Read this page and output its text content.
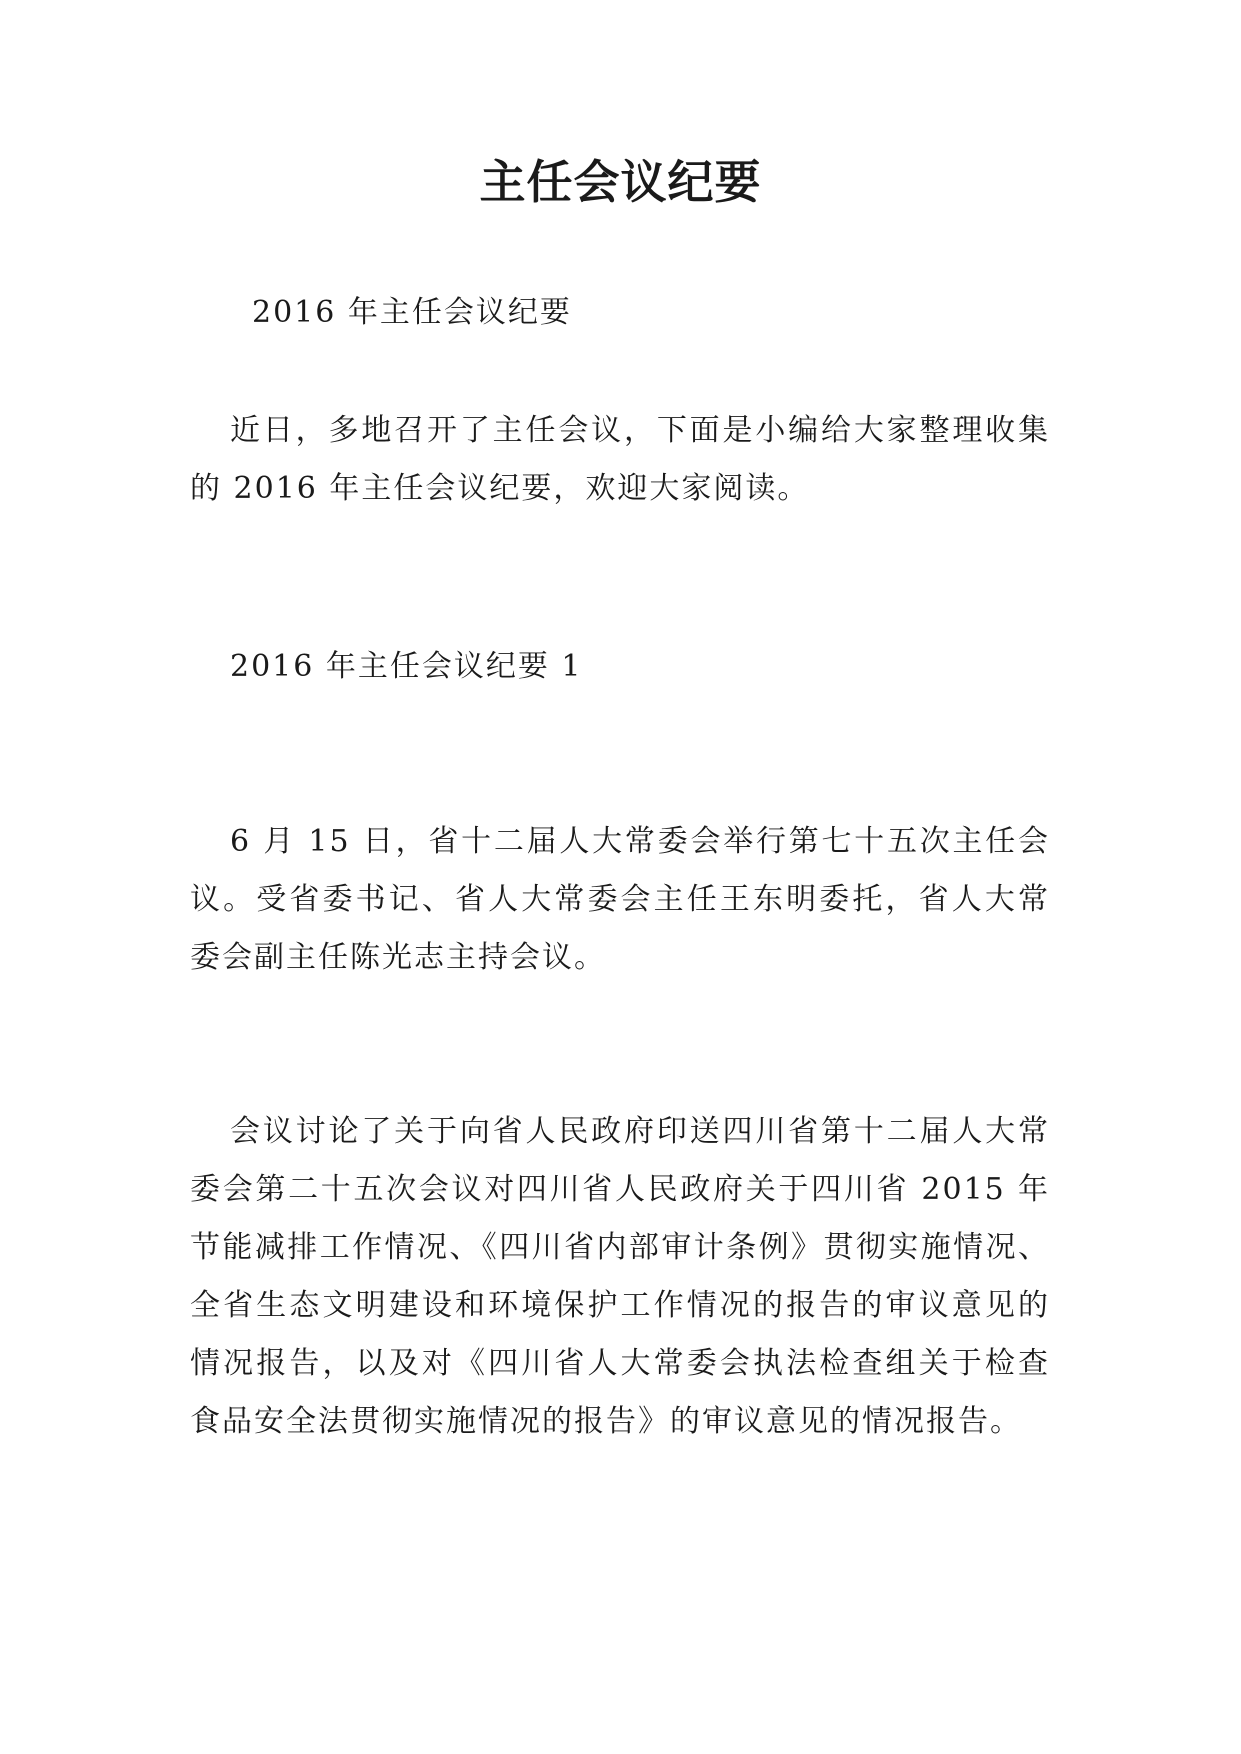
主任会议纪要

2016 年主任会议纪要

近日，多地召开了主任会议，下面是小编给大家整理收集的 2016 年主任会议纪要，欢迎大家阅读。

2016 年主任会议纪要 1

6 月 15 日，省十二届人大常委会举行第七十五次主任会议。受省委书记、省人大常委会主任王东明委托，省人大常委会副主任陈光志主持会议。

会议讨论了关于向省人民政府印送四川省第十二届人大常委会第二十五次会议对四川省人民政府关于四川省 2015 年节能减排工作情况、《四川省内部审计条例》贯彻实施情况、全省生态文明建设和环境保护工作情况的报告的审议意见的情况报告，以及对《四川省人大常委会执法检查组关于检查食品安全法贯彻实施情况的报告》的审议意见的情况报告。
